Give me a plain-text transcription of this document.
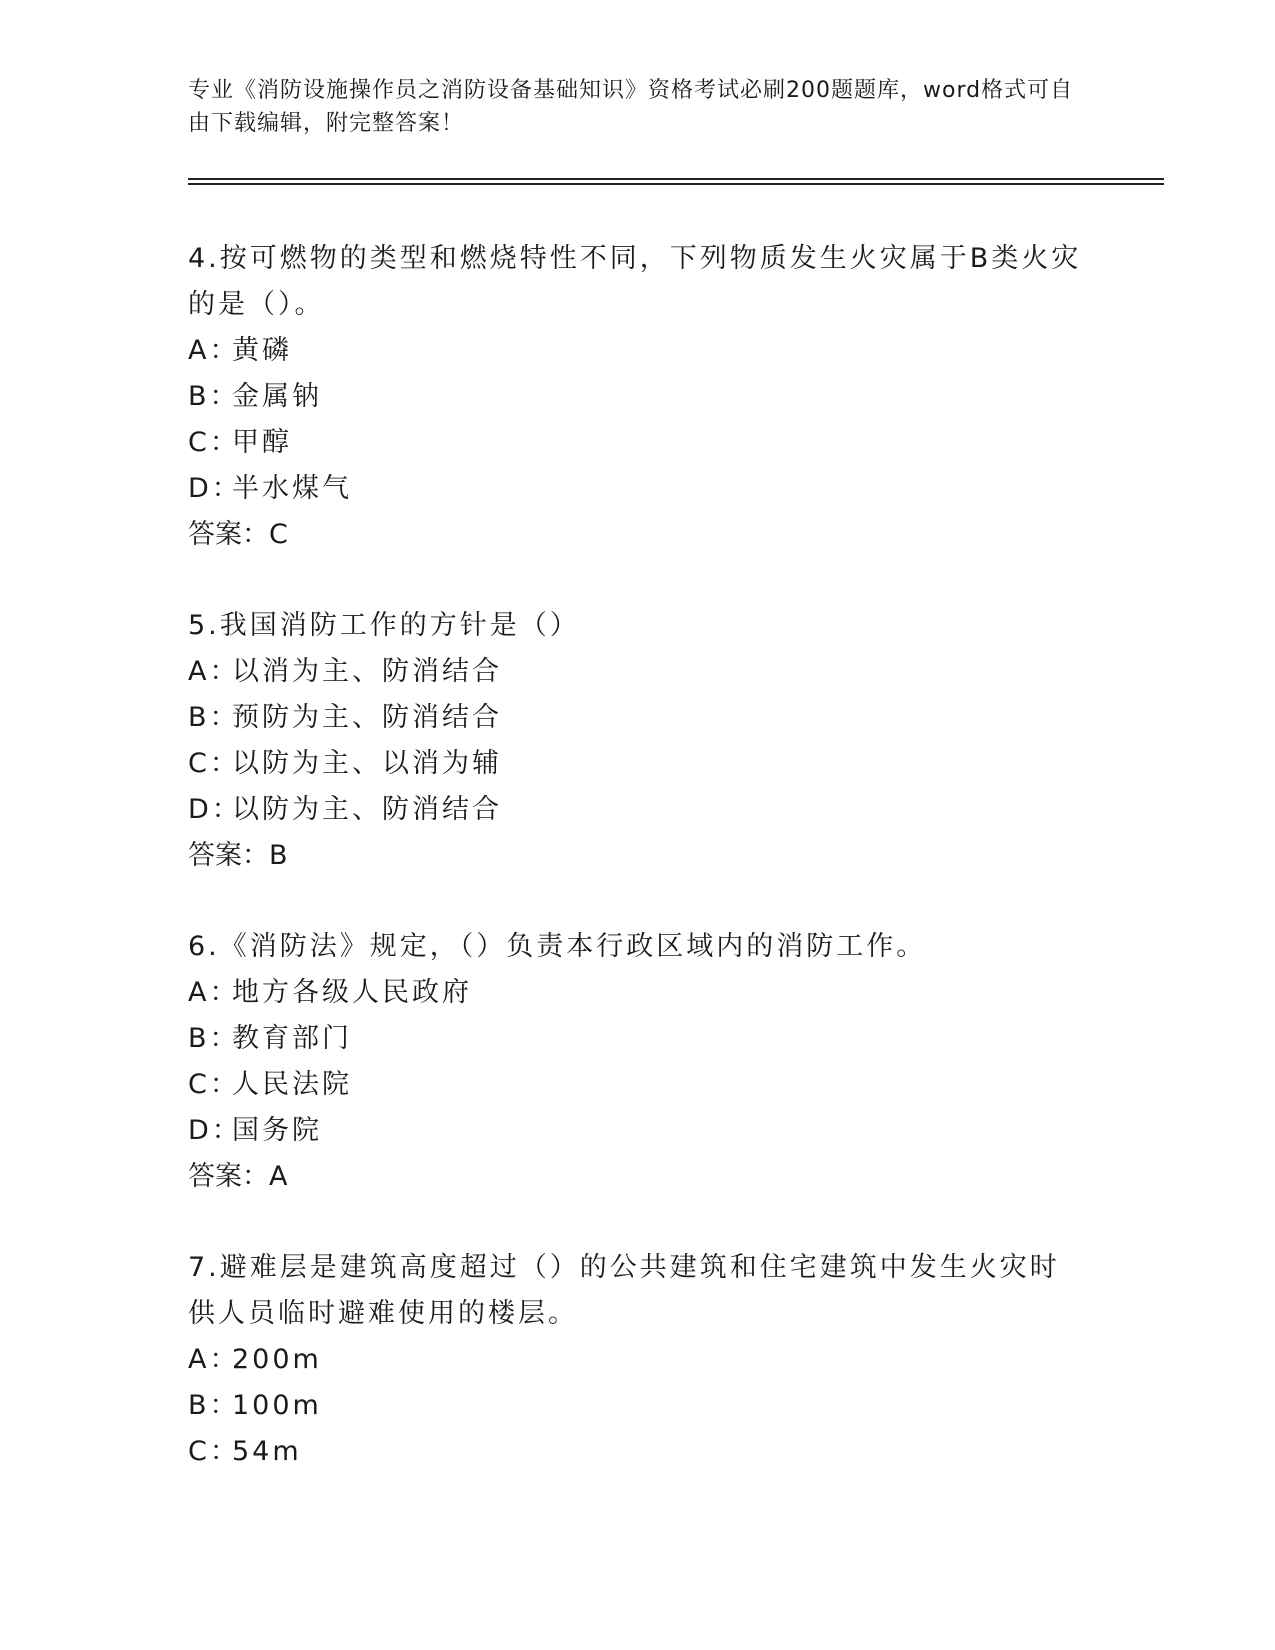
专业《消防设施操作员之消防设备基础知识》资格考试必刷200题题库，word格式可自由下载编辑，附完整答案！

4.按可燃物的类型和燃烧特性不同，下列物质发生火灾属于B类火灾的是（）。

A：黄磷

B：金属钠

C：甲醇

D：半水煤气

答案：C

5.我国消防工作的方针是（）

A：以消为主、防消结合

B：预防为主、防消结合

C：以防为主、以消为辅

D：以防为主、防消结合

答案：B

6.《消防法》规定，（）负责本行政区域内的消防工作。

A：地方各级人民政府

B：教育部门

C：人民法院

D：国务院

答案：A

7.避难层是建筑高度超过（）的公共建筑和住宅建筑中发生火灾时供人员临时避难使用的楼层。

A：200m

B：100m

C：54m
